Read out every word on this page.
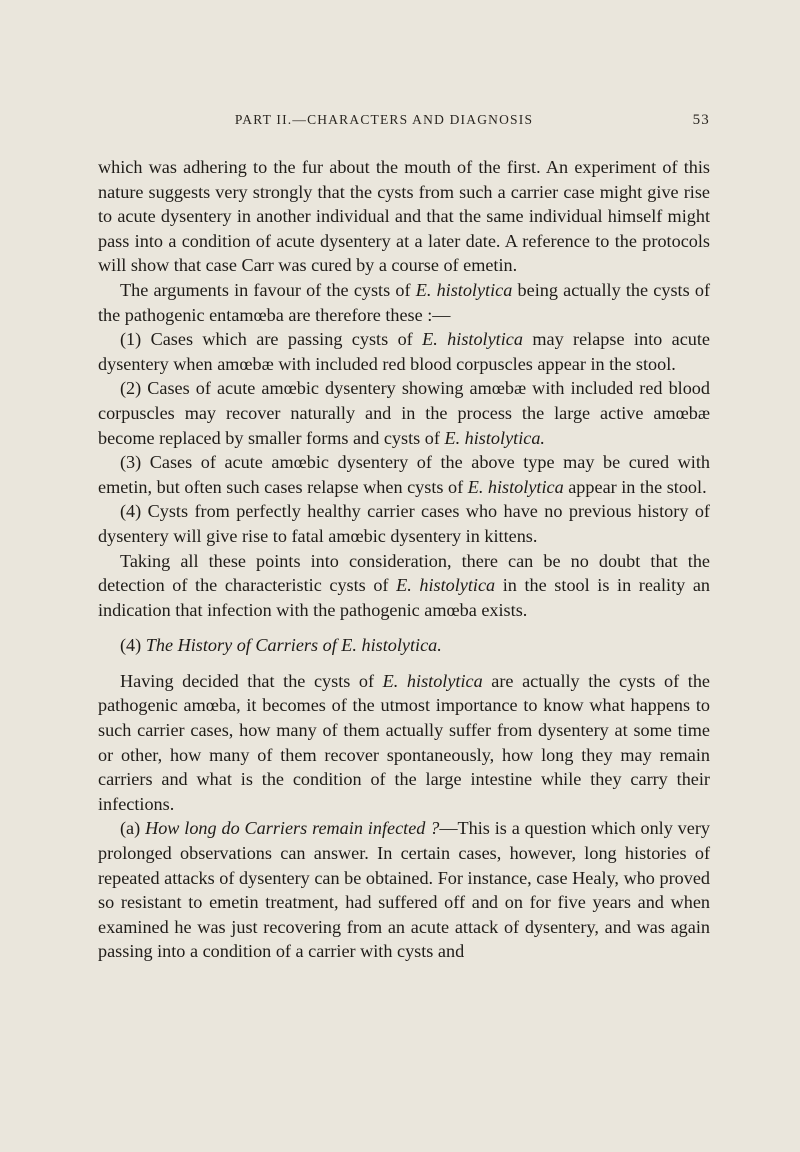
PART II.—CHARACTERS AND DIAGNOSIS	53

which was adhering to the fur about the mouth of the first. An experiment of this nature suggests very strongly that the cysts from such a carrier case might give rise to acute dysentery in another individual and that the same individual himself might pass into a condition of acute dysentery at a later date. A reference to the protocols will show that case Carr was cured by a course of emetin.

The arguments in favour of the cysts of E. histolytica being actually the cysts of the pathogenic entamœba are therefore these :—

(1) Cases which are passing cysts of E. histolytica may relapse into acute dysentery when amœbæ with included red blood corpuscles appear in the stool.

(2) Cases of acute amœbic dysentery showing amœbæ with included red blood corpuscles may recover naturally and in the process the large active amœbæ become replaced by smaller forms and cysts of E. histolytica.

(3) Cases of acute amœbic dysentery of the above type may be cured with emetin, but often such cases relapse when cysts of E. histolytica appear in the stool.

(4) Cysts from perfectly healthy carrier cases who have no previous history of dysentery will give rise to fatal amœbic dysentery in kittens.

Taking all these points into consideration, there can be no doubt that the detection of the characteristic cysts of E. histolytica in the stool is in reality an indication that infection with the pathogenic amœba exists.

(4) The History of Carriers of E. histolytica.

Having decided that the cysts of E. histolytica are actually the cysts of the pathogenic amœba, it becomes of the utmost importance to know what happens to such carrier cases, how many of them actually suffer from dysentery at some time or other, how many of them recover spontaneously, how long they may remain carriers and what is the condition of the large intestine while they carry their infections.

(a) How long do Carriers remain infected ?—This is a question which only very prolonged observations can answer. In certain cases, however, long histories of repeated attacks of dysentery can be obtained. For instance, case Healy, who proved so resistant to emetin treatment, had suffered off and on for five years and when examined he was just recovering from an acute attack of dysentery, and was again passing into a condition of a carrier with cysts and
